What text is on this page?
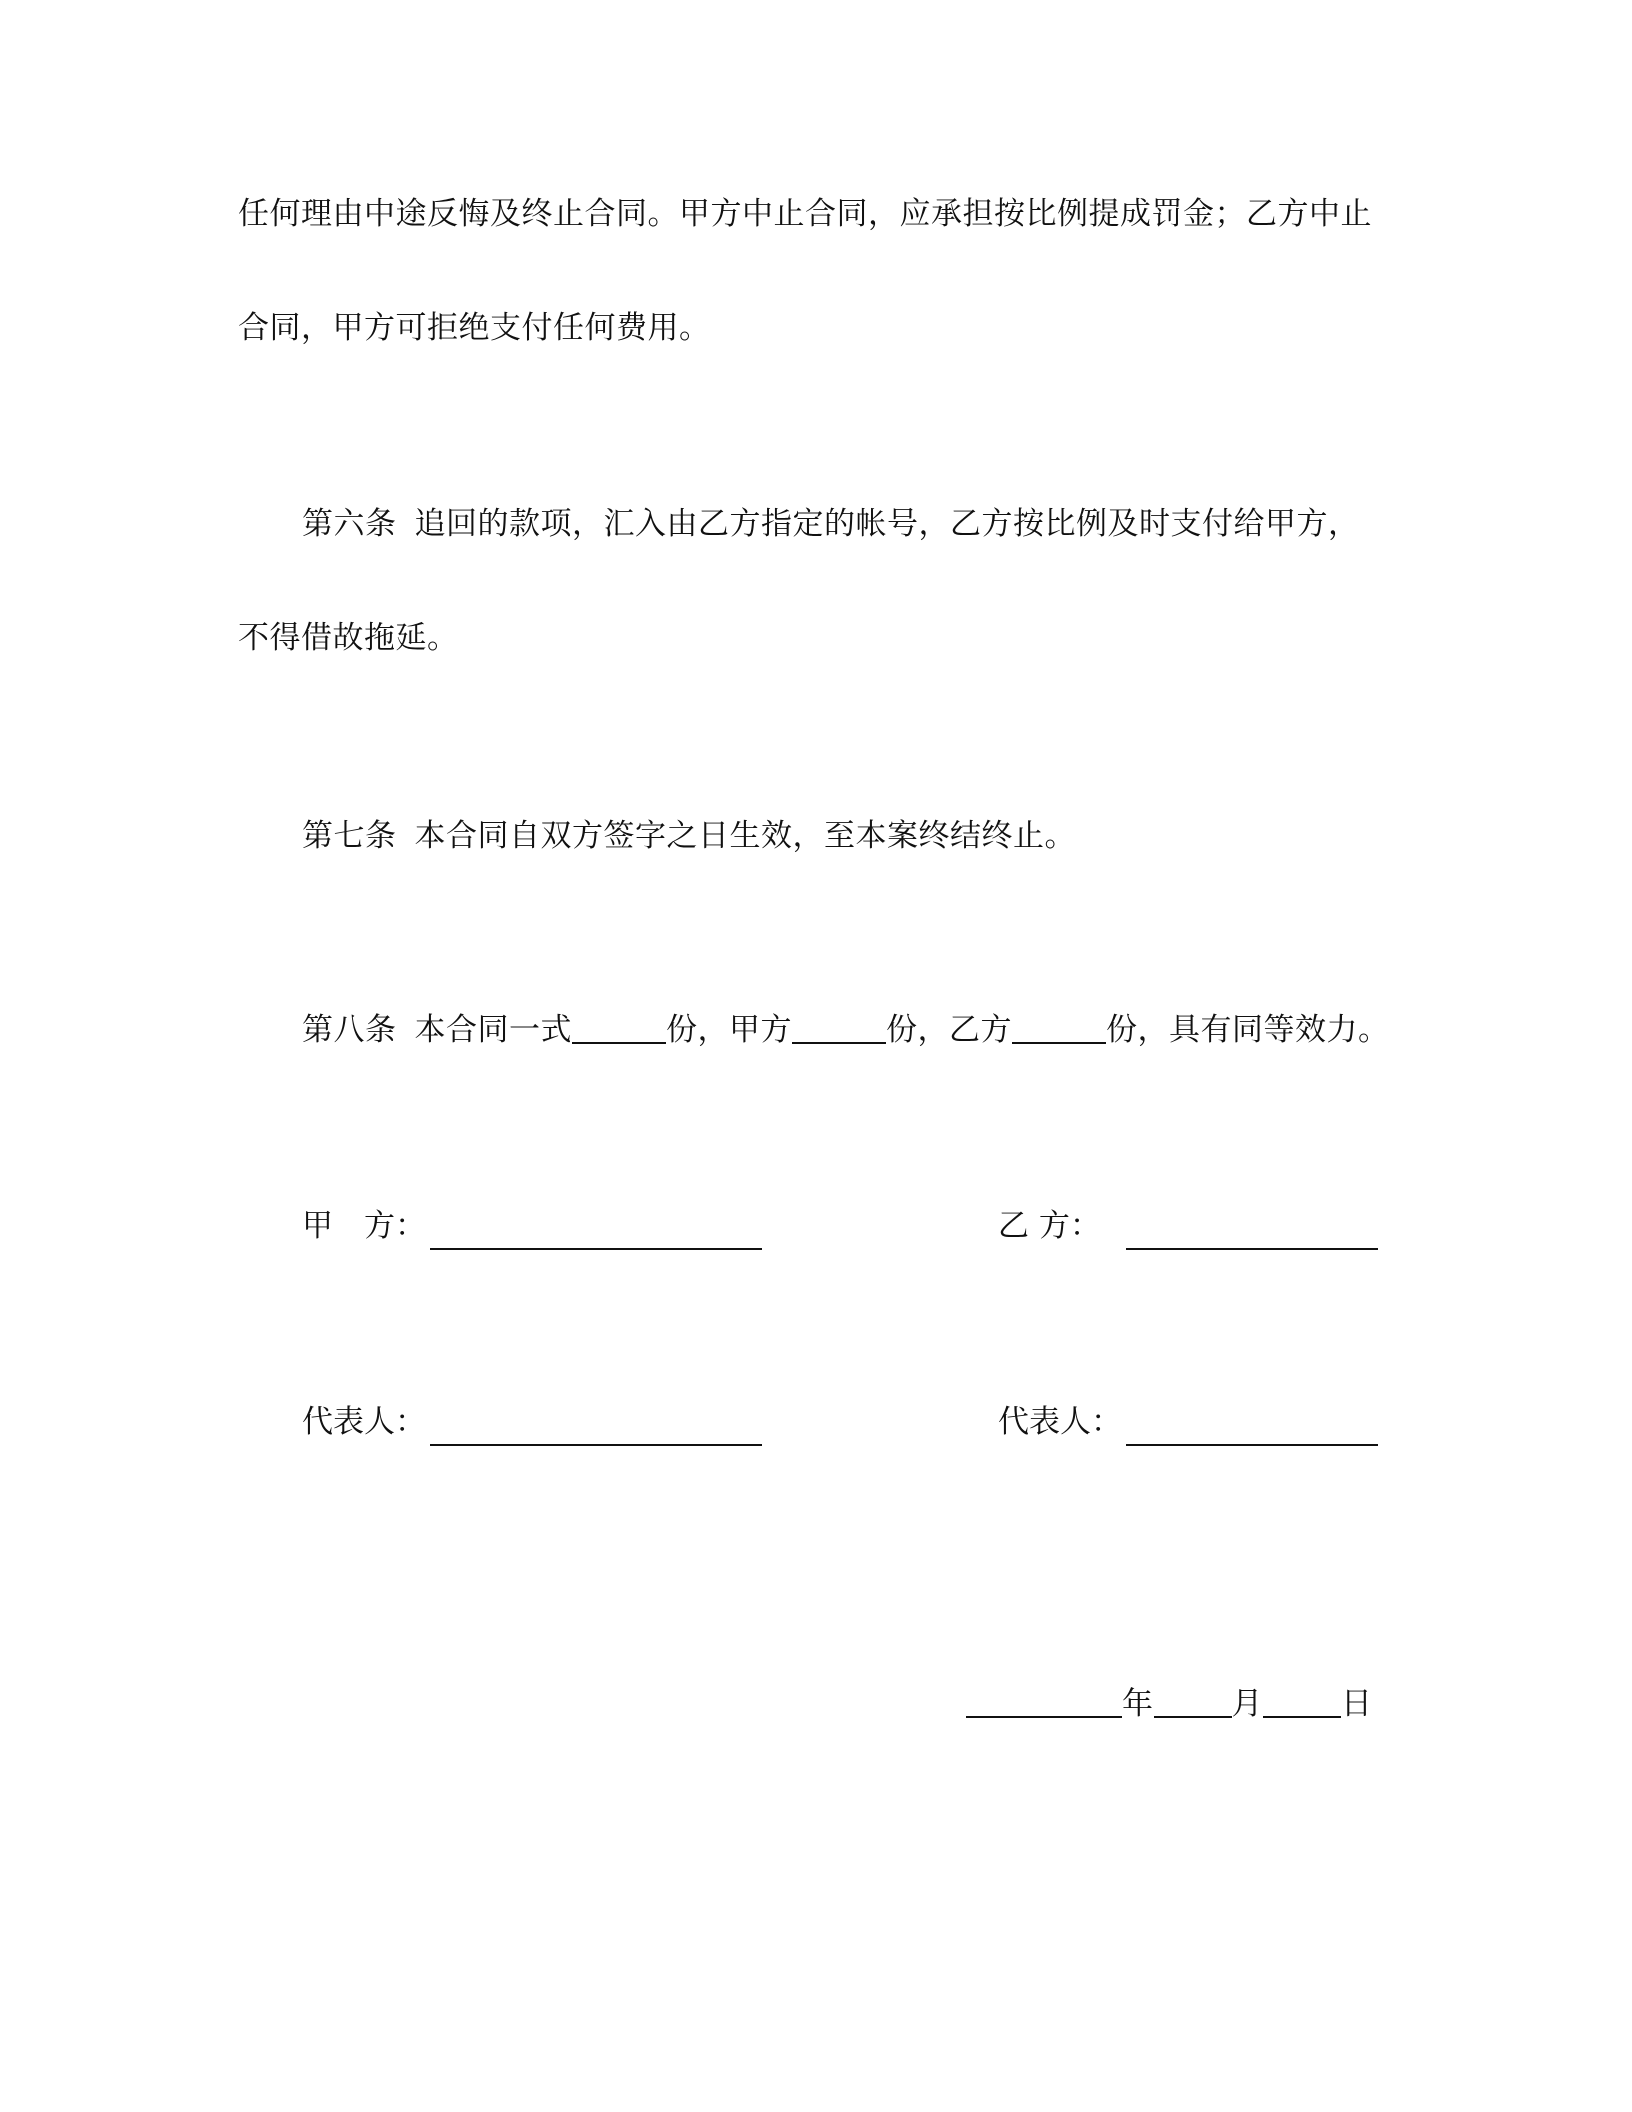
任何理由中途反悔及终止合同。甲方中止合同，应承担按比例提成罚金；乙方中止
合同，甲方可拒绝支付任何费用。
第六条 追回的款项，汇入由乙方指定的帐号，乙方按比例及时支付给甲方，
不得借故拖延。
第七条 本合同自双方签字之日生效，至本案终结终止。
第八条 本合同一式	份，甲方	份，乙方	份，具有同等效力。
甲　方：	乙 方：
代表人：	代表人：
年	月	日
